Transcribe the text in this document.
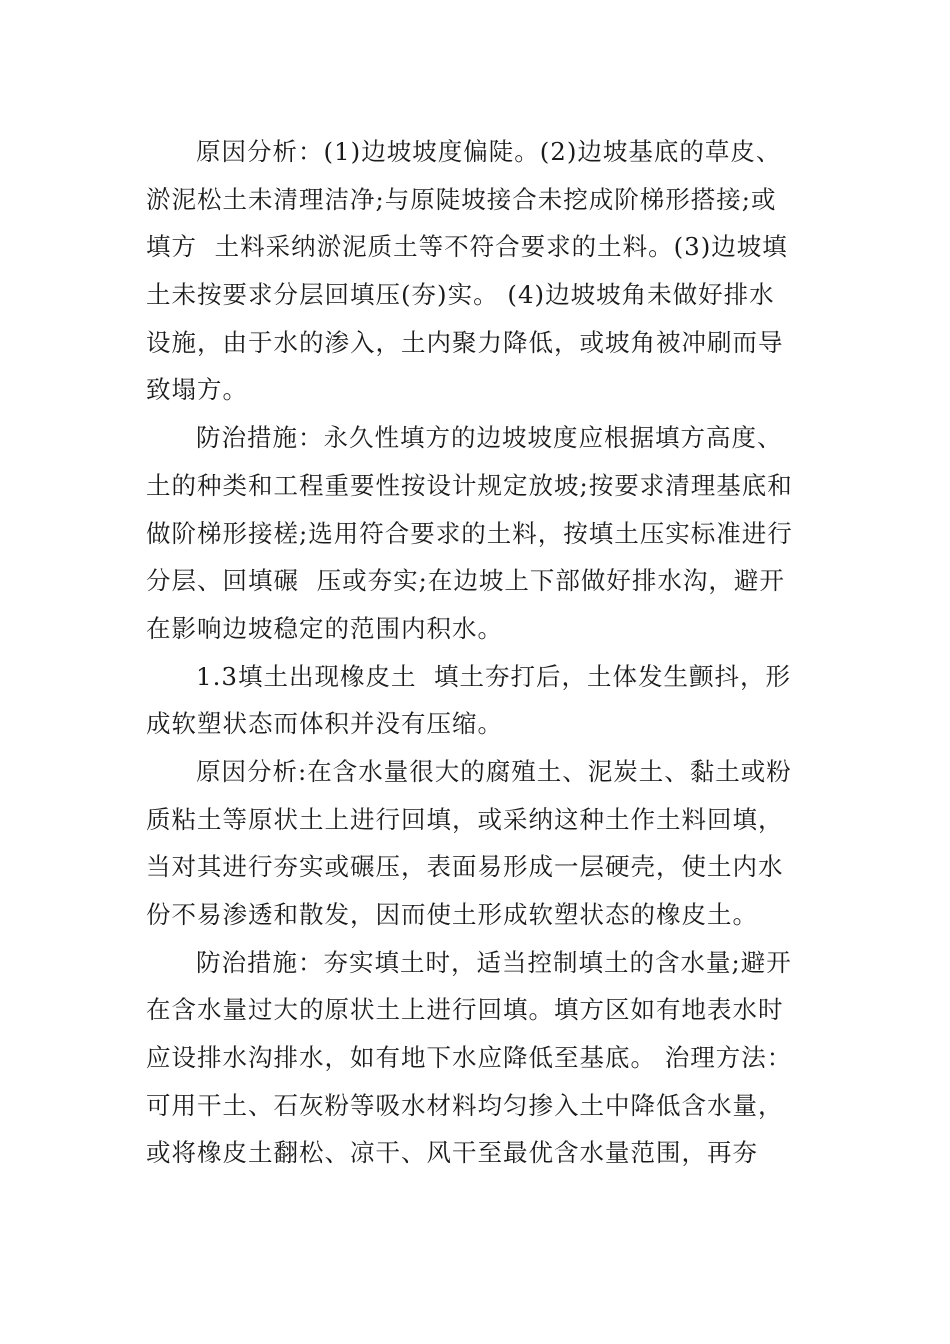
原因分析：(1)边坡坡度偏陡。(2)边坡基底的草皮、
淤泥松土未清理洁净;与原陡坡接合未挖成阶梯形搭接;或
填方  土料采纳淤泥质土等不符合要求的土料。(3)边坡填
土未按要求分层回填压(夯)实。 (4)边坡坡角未做好排水
设施，由于水的渗入，土内聚力降低，或坡角被冲刷而导
致塌方。
防治措施：永久性填方的边坡坡度应根据填方高度、
土的种类和工程重要性按设计规定放坡;按要求清理基底和
做阶梯形接槎;选用符合要求的土料，按填土压实标准进行
分层、回填碾  压或夯实;在边坡上下部做好排水沟，避开
在影响边坡稳定的范围内积水。
1.3填土出现橡皮土  填土夯打后，土体发生颤抖，形
成软塑状态而体积并没有压缩。
原因分析:在含水量很大的腐殖土、泥炭土、黏土或粉
质粘土等原状土上进行回填，或采纳这种土作土料回填，
当对其进行夯实或碾压，表面易形成一层硬壳，使土内水
份不易渗透和散发，因而使土形成软塑状态的橡皮土。
防治措施：夯实填土时，适当控制填土的含水量;避开
在含水量过大的原状土上进行回填。填方区如有地表水时
应设排水沟排水，如有地下水应降低至基底。 治理方法：
可用干土、石灰粉等吸水材料均匀掺入土中降低含水量，
或将橡皮土翻松、凉干、风干至最优含水量范围，再夯
